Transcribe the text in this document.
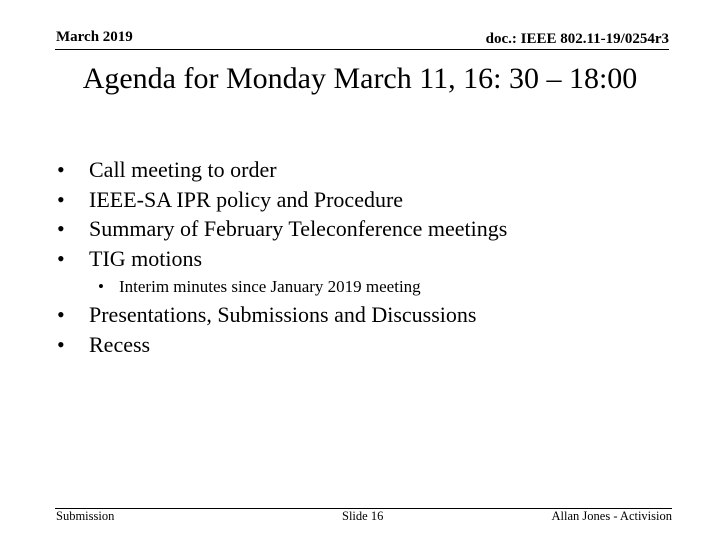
March 2019	doc.: IEEE 802.11-19/0254r3
Agenda for Monday March 11, 16: 30 – 18:00
• Call meeting to order
• IEEE-SA IPR policy and Procedure
• Summary of February Teleconference meetings
• TIG motions
• Interim minutes since January 2019 meeting
• Presentations, Submissions and Discussions
• Recess
Submission	Slide 16	Allan Jones - Activision
